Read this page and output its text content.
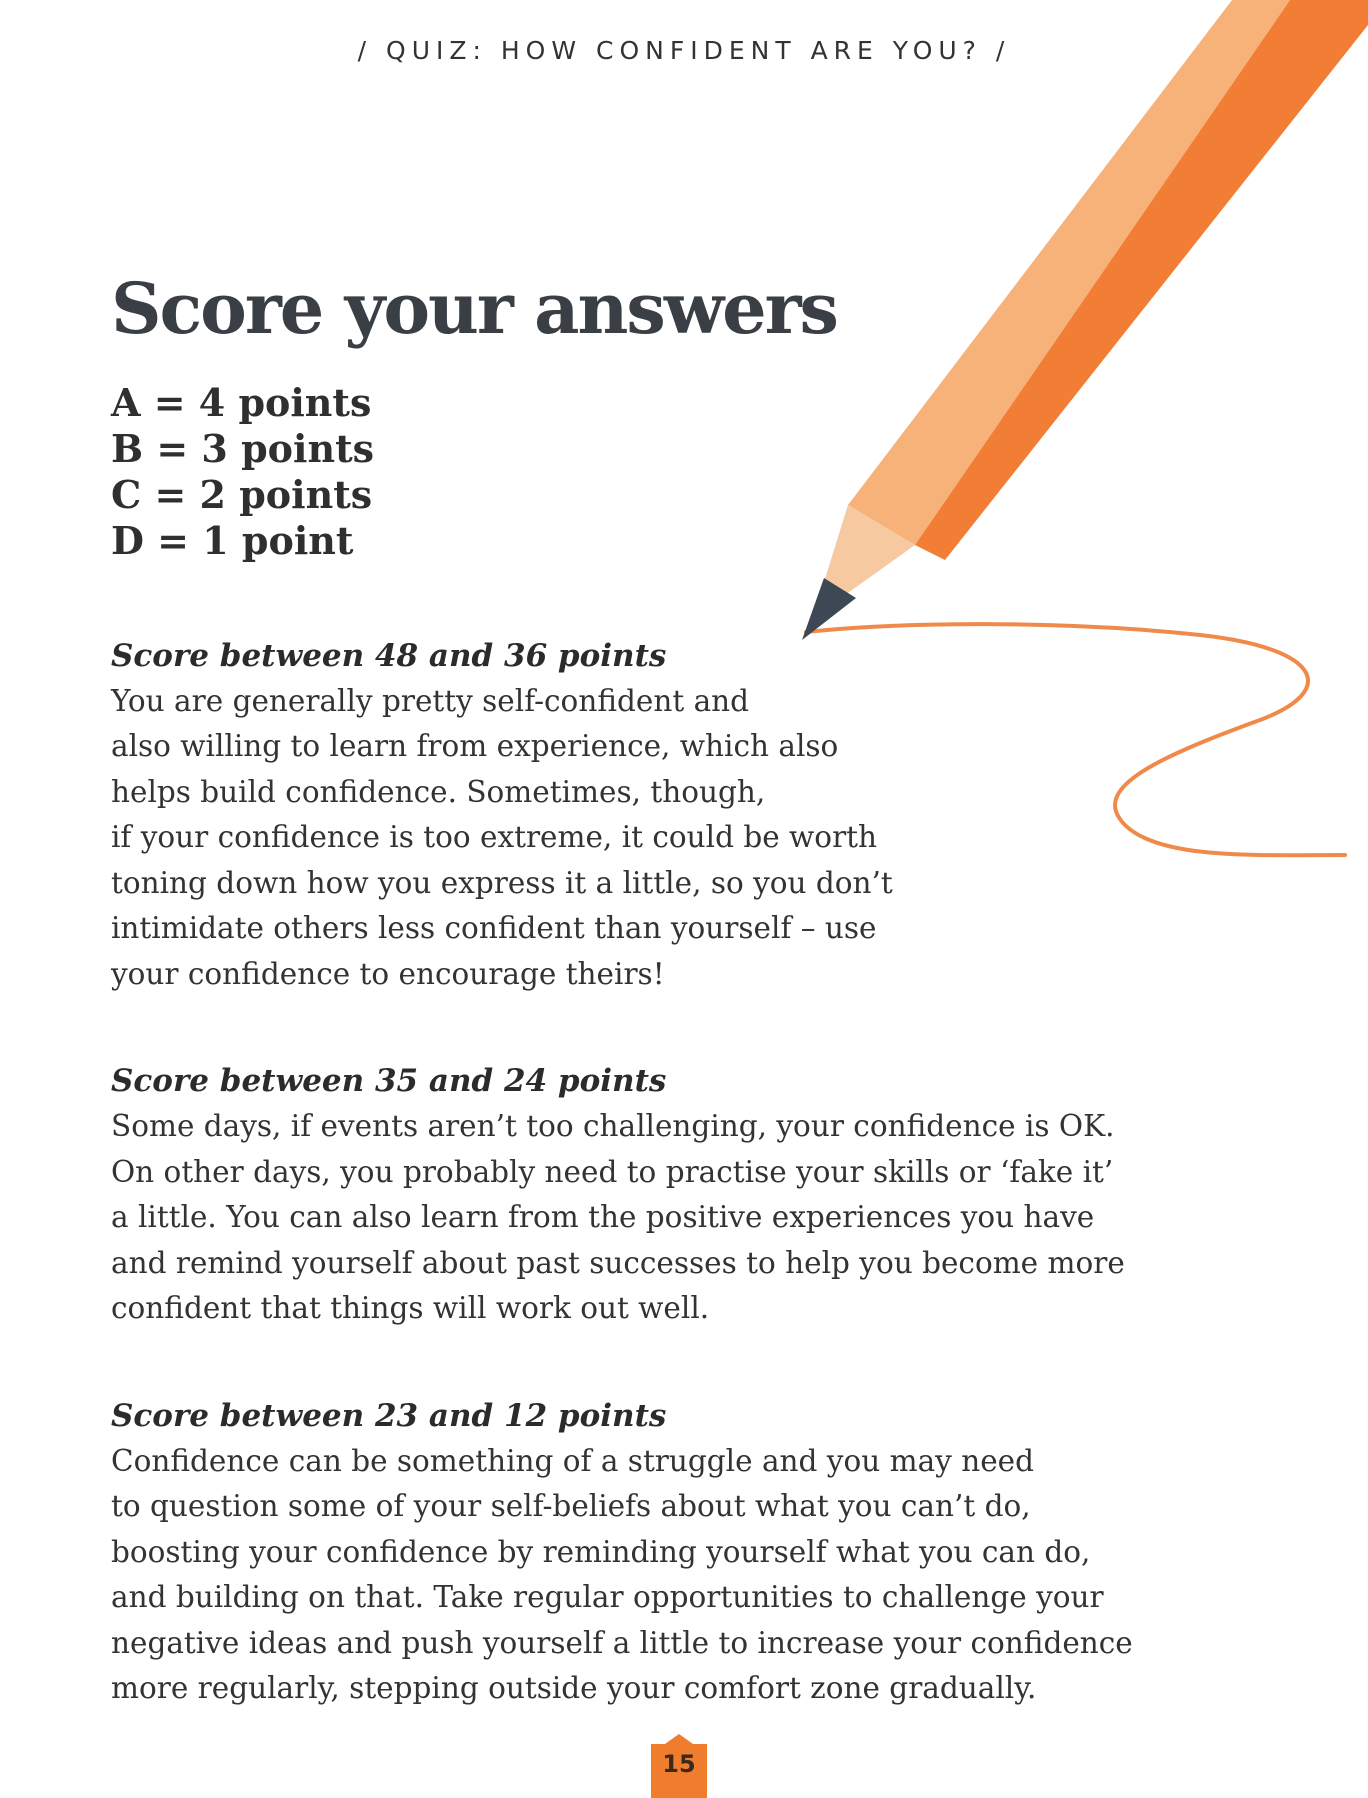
/ QUIZ: HOW CONFIDENT ARE YOU? /
Score your answers
A = 4 points
B = 3 points
C = 2 points
D = 1 point

Score between 48 and 36 points

You are generally pretty self-confident and
also willing to learn from experience, which also
helps build confidence. Sometimes, though,
if your confidence is too extreme, it could be worth
toning down how you express it a little, so you don’t
intimidate others less confident than yourself – use
your confidence to encourage theirs!

Score between 35 and 24 points

Some days, if events aren’t too challenging, your confidence is OK.
On other days, you probably need to practise your skills or ‘fake it’
a little. You can also learn from the positive experiences you have
and remind yourself about past successes to help you become more
confident that things will work out well.

Score between 23 and 12 points

Confidence can be something of a struggle and you may need
to question some of your self-beliefs about what you can’t do,
boosting your confidence by reminding yourself what you can do,
and building on that. Take regular opportunities to challenge your
negative ideas and push yourself a little to increase your confidence
more regularly, stepping outside your comfort zone gradually.

15
